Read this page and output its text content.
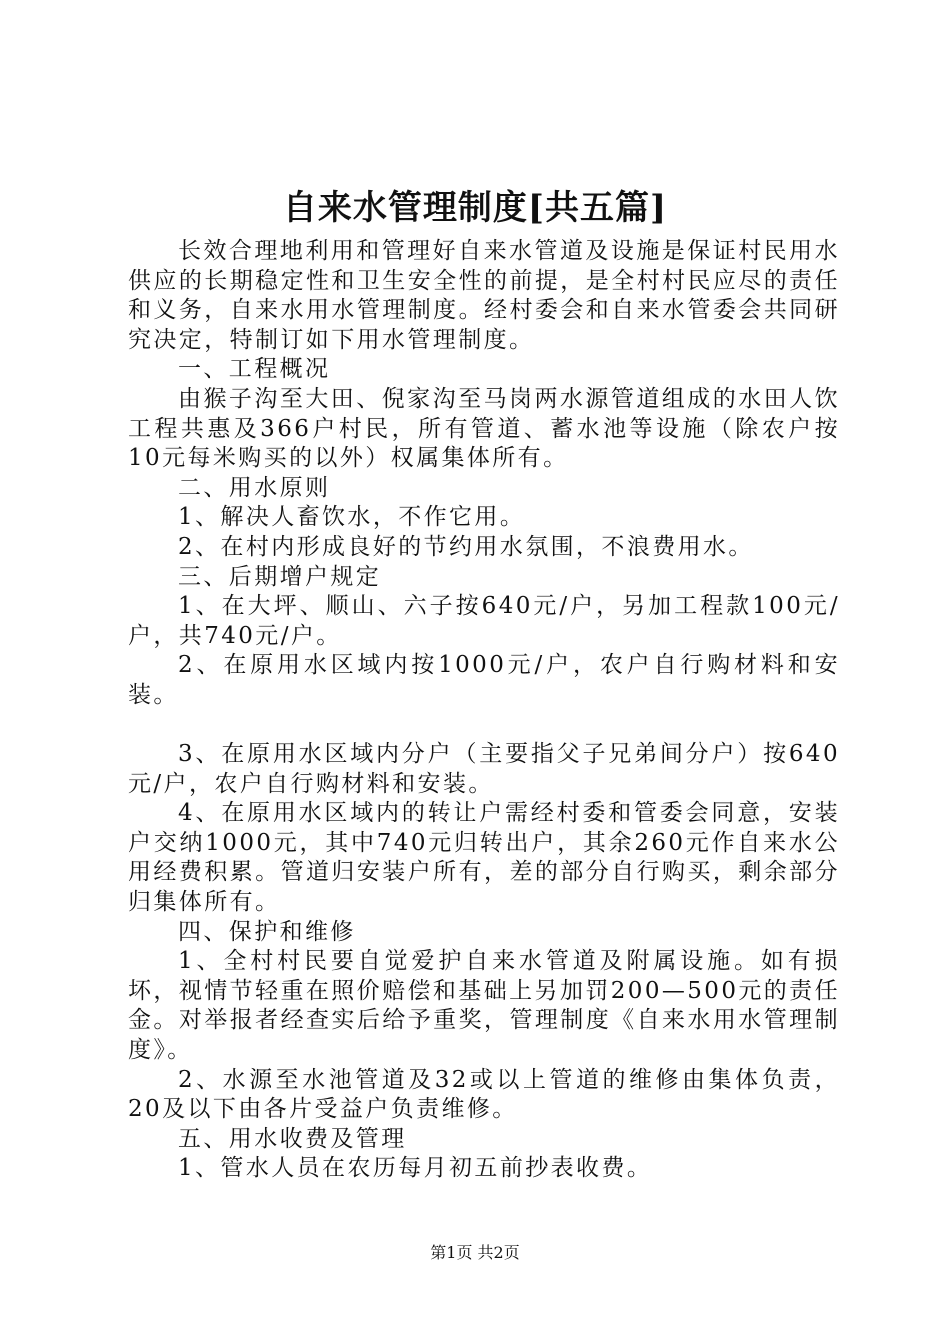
自来水管理制度[共五篇]

长效合理地利用和管理好自来水管道及设施是保证村民用水供应的长期稳定性和卫生安全性的前提，是全村村民应尽的责任和义务，自来水用水管理制度。经村委会和自来水管委会共同研究决定，特制订如下用水管理制度。

一、工程概况

由猴子沟至大田、倪家沟至马岗两水源管道组成的水田人饮工程共惠及366户村民，所有管道、蓄水池等设施（除农户按10元每米购买的以外）权属集体所有。

二、用水原则

1、解决人畜饮水，不作它用。

2、在村内形成良好的节约用水氛围，不浪费用水。

三、后期增户规定

1、在大坪、顺山、六子按640元/户，另加工程款100元/户，共740元/户。

2、在原用水区域内按1000元/户，农户自行购材料和安装。

3、在原用水区域内分户（主要指父子兄弟间分户）按640元/户，农户自行购材料和安装。

4、在原用水区域内的转让户需经村委和管委会同意，安装户交纳1000元，其中740元归转出户，其余260元作自来水公用经费积累。管道归安装户所有，差的部分自行购买，剩余部分归集体所有。

四、保护和维修

1、全村村民要自觉爱护自来水管道及附属设施。如有损坏，视情节轻重在照价赔偿和基础上另加罚200—500元的责任金。对举报者经查实后给予重奖，管理制度《自来水用水管理制度》。

2、水源至水池管道及32或以上管道的维修由集体负责，20及以下由各片受益户负责维修。

五、用水收费及管理

1、管水人员在农历每月初五前抄表收费。

第1页 共2页
